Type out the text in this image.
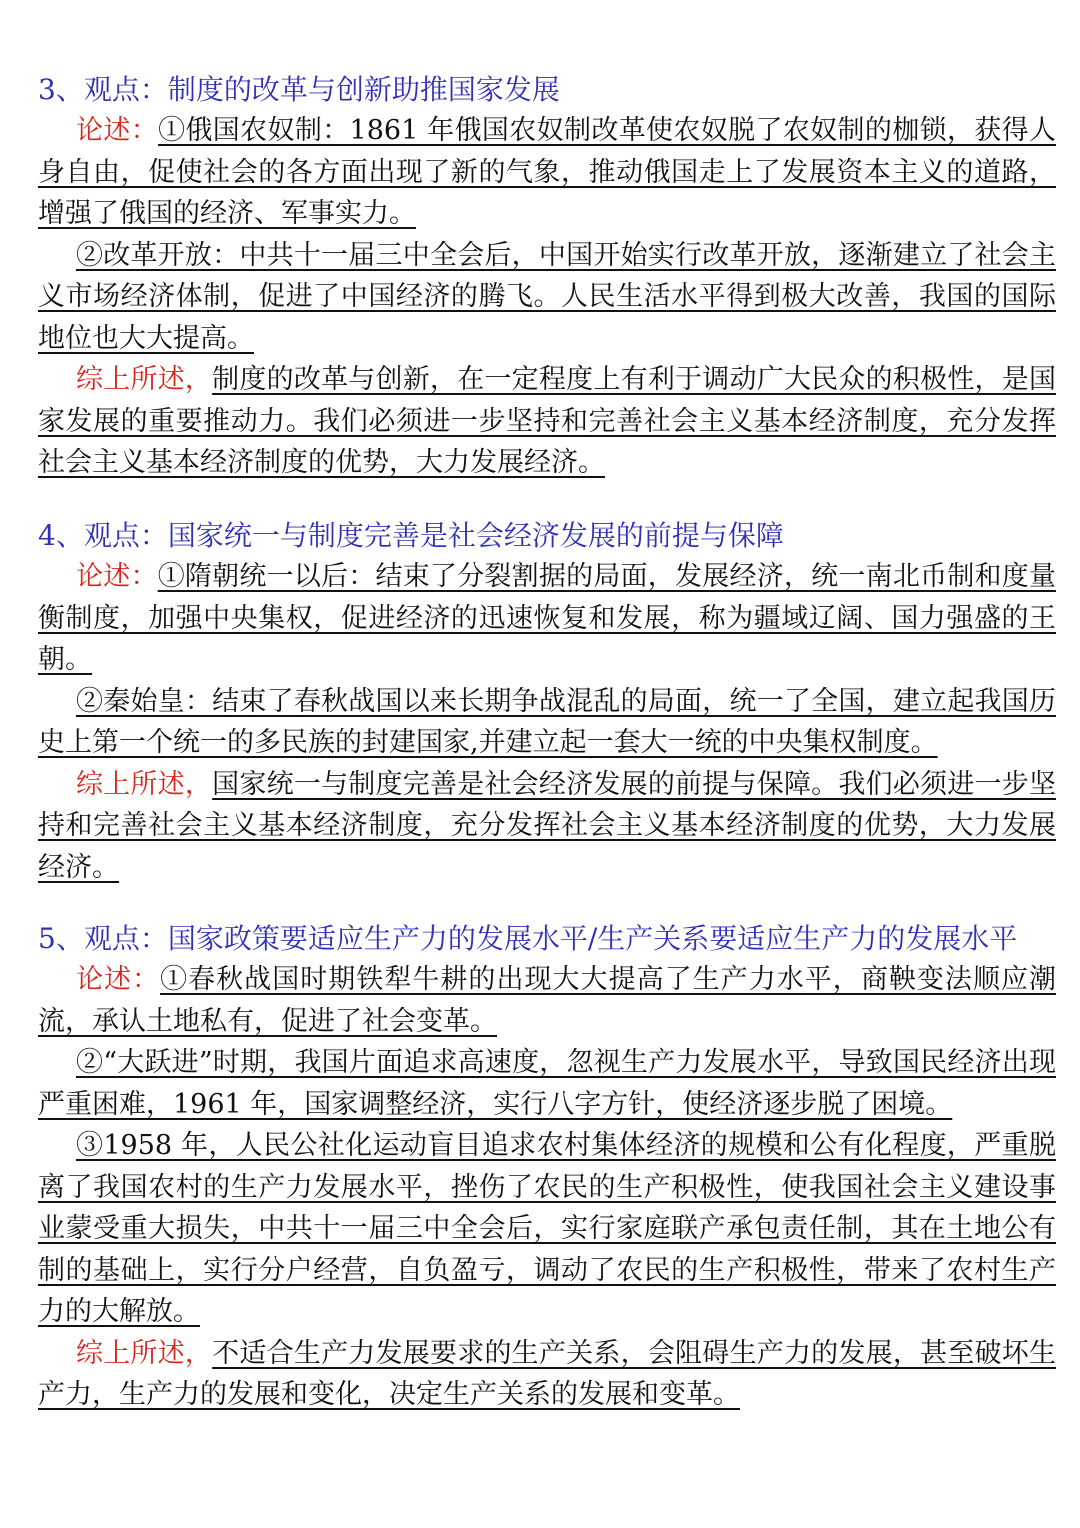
3、观点：制度的改革与创新助推国家发展

论述：①俄国农奴制：1861 年俄国农奴制改革使农奴脱了农奴制的枷锁，获得人身自由，促使社会的各方面出现了新的气象，推动俄国走上了发展资本主义的道路，增强了俄国的经济、军事实力。

②改革开放：中共十一届三中全会后，中国开始实行改革开放，逐渐建立了社会主义市场经济体制，促进了中国经济的腾飞。人民生活水平得到极大改善，我国的国际地位也大大提高。

综上所述，制度的改革与创新，在一定程度上有利于调动广大民众的积极性，是国家发展的重要推动力。我们必须进一步坚持和完善社会主义基本经济制度，充分发挥社会主义基本经济制度的优势，大力发展经济。

4、观点：国家统一与制度完善是社会经济发展的前提与保障

论述：①隋朝统一以后：结束了分裂割据的局面，发展经济，统一南北币制和度量衡制度，加强中央集权，促进经济的迅速恢复和发展，称为疆域辽阔、国力强盛的王朝。

②秦始皇：结束了春秋战国以来长期争战混乱的局面，统一了全国，建立起我国历史上第一个统一的多民族的封建国家,并建立起一套大一统的中央集权制度。

综上所述，国家统一与制度完善是社会经济发展的前提与保障。我们必须进一步坚持和完善社会主义基本经济制度，充分发挥社会主义基本经济制度的优势，大力发展经济。

5、观点：国家政策要适应生产力的发展水平/生产关系要适应生产力的发展水平

论述：①春秋战国时期铁犁牛耕的出现大大提高了生产力水平，商鞅变法顺应潮流，承认土地私有，促进了社会变革。

②“大跃进”时期，我国片面追求高速度，忽视生产力发展水平，导致国民经济出现严重困难，1961 年，国家调整经济，实行八字方针，使经济逐步脱了困境。

③1958 年，人民公社化运动盲目追求农村集体经济的规模和公有化程度，严重脱离了我国农村的生产力发展水平，挫伤了农民的生产积极性，使我国社会主义建设事业蒙受重大损失，中共十一届三中全会后，实行家庭联产承包责任制，其在土地公有制的基础上，实行分户经营，自负盈亏，调动了农民的生产积极性，带来了农村生产力的大解放。

综上所述，不适合生产力发展要求的生产关系，会阻碍生产力的发展，甚至破坏生产力，生产力的发展和变化，决定生产关系的发展和变革。
